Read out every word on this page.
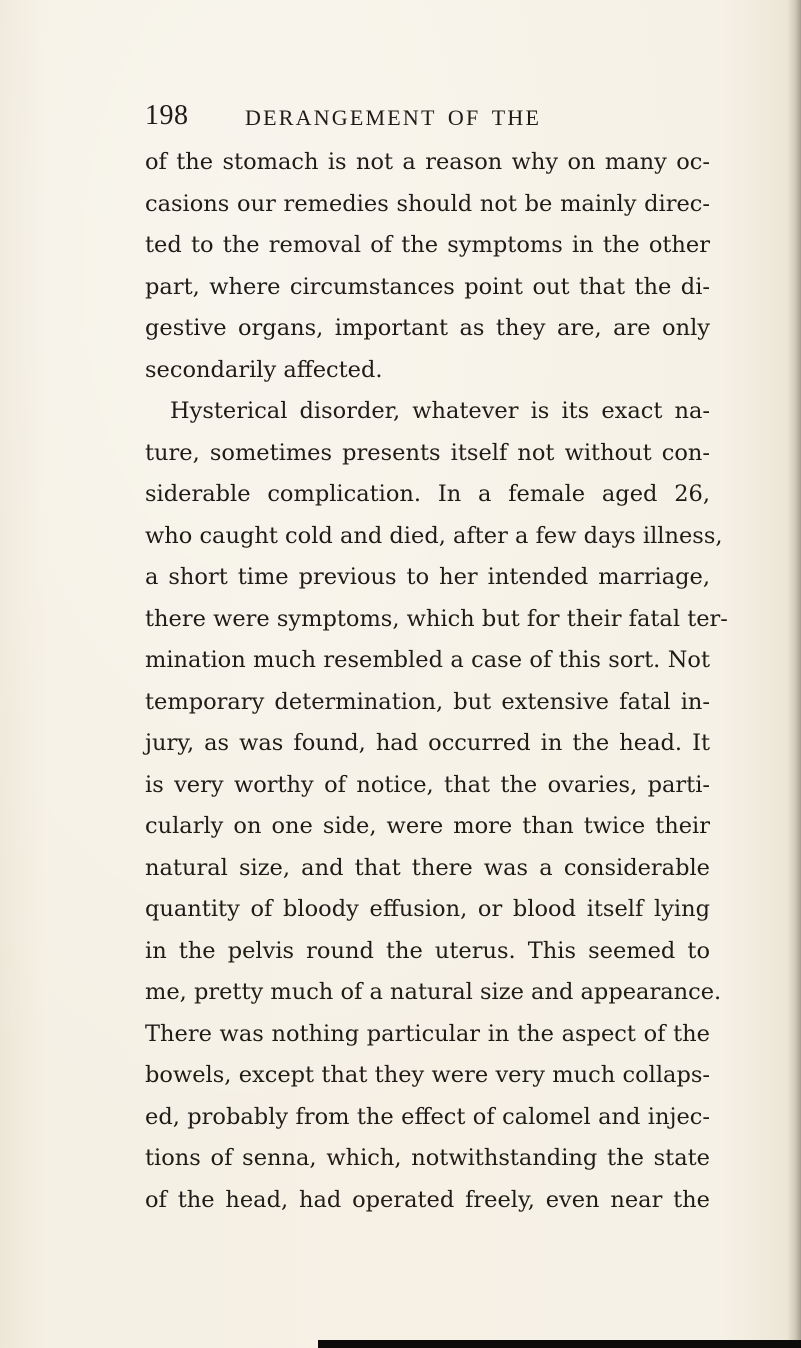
198	DERANGEMENT OF THE
of the stomach is not a reason why on many oc-
casions our remedies should not be mainly direc-
ted to the removal of the symptoms in the other
part, where circumstances point out that the di-
gestive organs, important as they are, are only
secondarily affected.
Hysterical disorder, whatever is its exact na-
ture, sometimes presents itself not without con-
siderable complication. In a female aged 26,
who caught cold and died, after a few days illness,
a short time previous to her intended marriage,
there were symptoms, which but for their fatal ter-
mination much resembled a case of this sort. Not
temporary determination, but extensive fatal in-
jury, as was found, had occurred in the head. It
is very worthy of notice, that the ovaries, parti-
cularly on one side, were more than twice their
natural size, and that there was a considerable
quantity of bloody effusion, or blood itself lying
in the pelvis round the uterus. This seemed to
me, pretty much of a natural size and appearance.
There was nothing particular in the aspect of the
bowels, except that they were very much collaps-
ed, probably from the effect of calomel and injec-
tions of senna, which, notwithstanding the state
of the head, had operated freely, even near the
